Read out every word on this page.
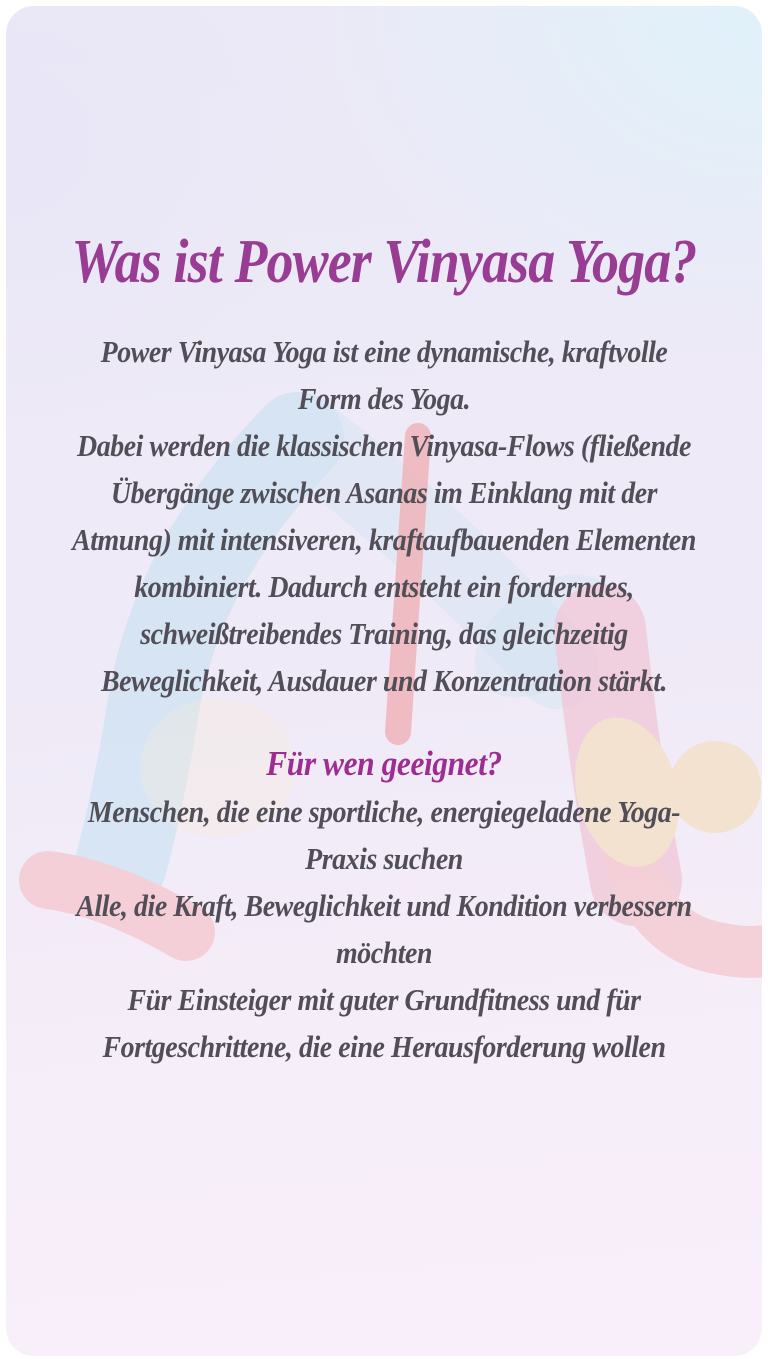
Was ist Power Vinyasa Yoga?
Power Vinyasa Yoga ist eine dynamische, kraftvolle
Form des Yoga.
Dabei werden die klassischen Vinyasa-Flows (fließende
Übergänge zwischen Asanas im Einklang mit der
Atmung) mit intensiveren, kraftaufbauenden Elementen
kombiniert. Dadurch entsteht ein forderndes,
schweißtreibendes Training, das gleichzeitig
Beweglichkeit, Ausdauer und Konzentration stärkt.
Für wen geeignet?
Menschen, die eine sportliche, energiegeladene Yoga-
Praxis suchen
Alle, die Kraft, Beweglichkeit und Kondition verbessern
möchten
Für Einsteiger mit guter Grundfitness und für
Fortgeschrittene, die eine Herausforderung wollen
